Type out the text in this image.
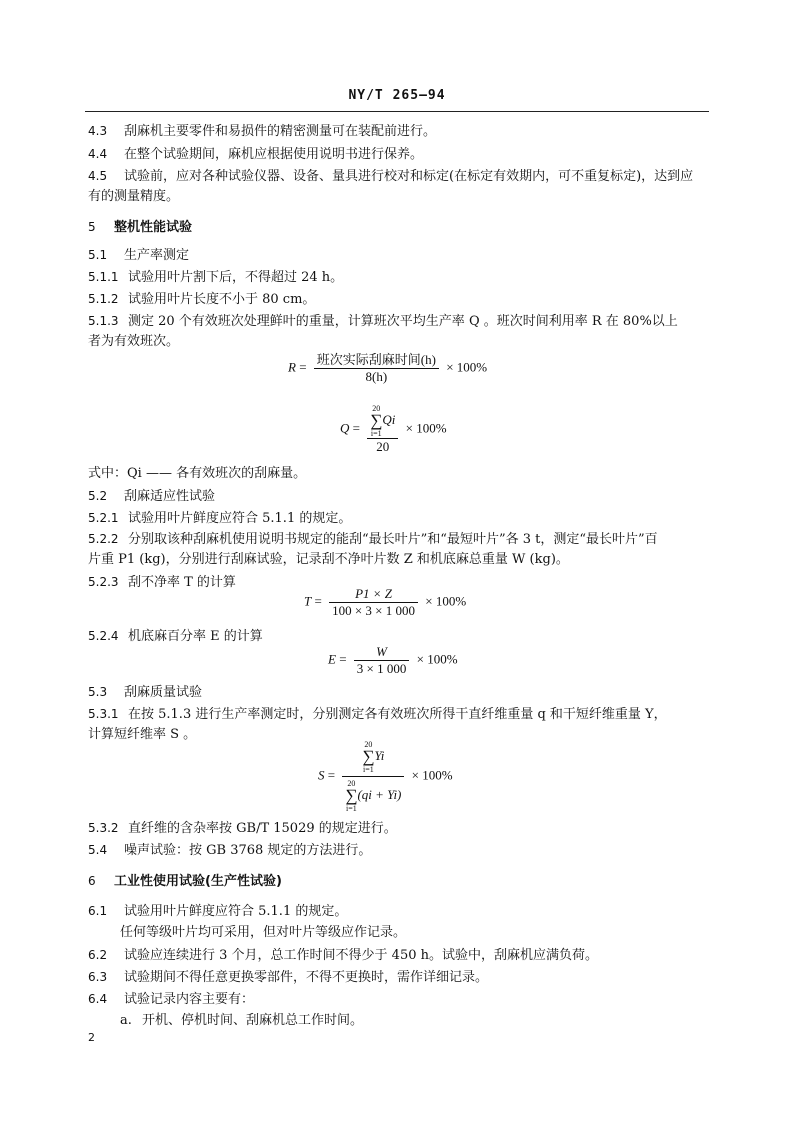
NY/T 265—94
4.3 刮麻机主要零件和易损件的精密测量可在装配前进行。
4.4 在整个试验期间，麻机应根据使用说明书进行保养。
4.5 试验前，应对各种试验仪器、设备、量具进行校对和标定(在标定有效期内，可不重复标定)，达到应
有的测量精度。
5 整机性能试验
5.1 生产率测定
5.1.1 试验用叶片割下后，不得超过 24 h。
5.1.2 试验用叶片长度不小于 80 cm。
5.1.3 测定 20 个有效班次处理鲜叶的重量，计算班次平均生产率 Q 。班次时间利用率 R 在 80%以上
者为有效班次。
$R = \frac{\text{班次实际刮麻时间(h)}}{8(h)} \times 100\%$
Q = 20
∑
i=1Qi
20 × 100%
式中：Qi —— 各有效班次的刮麻量。
5.2 刮麻适应性试验
5.2.1 试验用叶片鲜度应符合 5.1.1 的规定。
5.2.2 分别取该种刮麻机使用说明书规定的能刮“最长叶片”和“最短叶片”各 3 t，测定“最长叶片”百
片重 P1 (kg)，分别进行刮麻试验，记录刮不净叶片数 Z 和机底麻总重量 W (kg)。
5.2.3 刮不净率 T 的计算
$T = \frac{P1 \times Z}{100 \times 3 \times 1 000} \times 100\%$
5.2.4 机底麻百分率 E 的计算
$E = \frac{W}{3 \times 1 000} \times 100\%$
5.3 刮麻质量试验
5.3.1 在按 5.1.3 进行生产率测定时，分别测定各有效班次所得干直纤维重量 q 和干短纤维重量 Y，
计算短纤维率 S 。
S = 20
∑
i=1Yi
20
∑
i=1(qi + Yi) × 100%
5.3.2 直纤维的含杂率按 GB/T 15029 的规定进行。
5.4 噪声试验：按 GB 3768 规定的方法进行。
6 工业性使用试验(生产性试验)
6.1 试验用叶片鲜度应符合 5.1.1 的规定。
任何等级叶片均可采用，但对叶片等级应作记录。
6.2 试验应连续进行 3 个月，总工作时间不得少于 450 h。试验中，刮麻机应满负荷。
6.3 试验期间不得任意更换零部件，不得不更换时，需作详细记录。
6.4 试验记录内容主要有：
a. 开机、停机时间、刮麻机总工作时间。
2
